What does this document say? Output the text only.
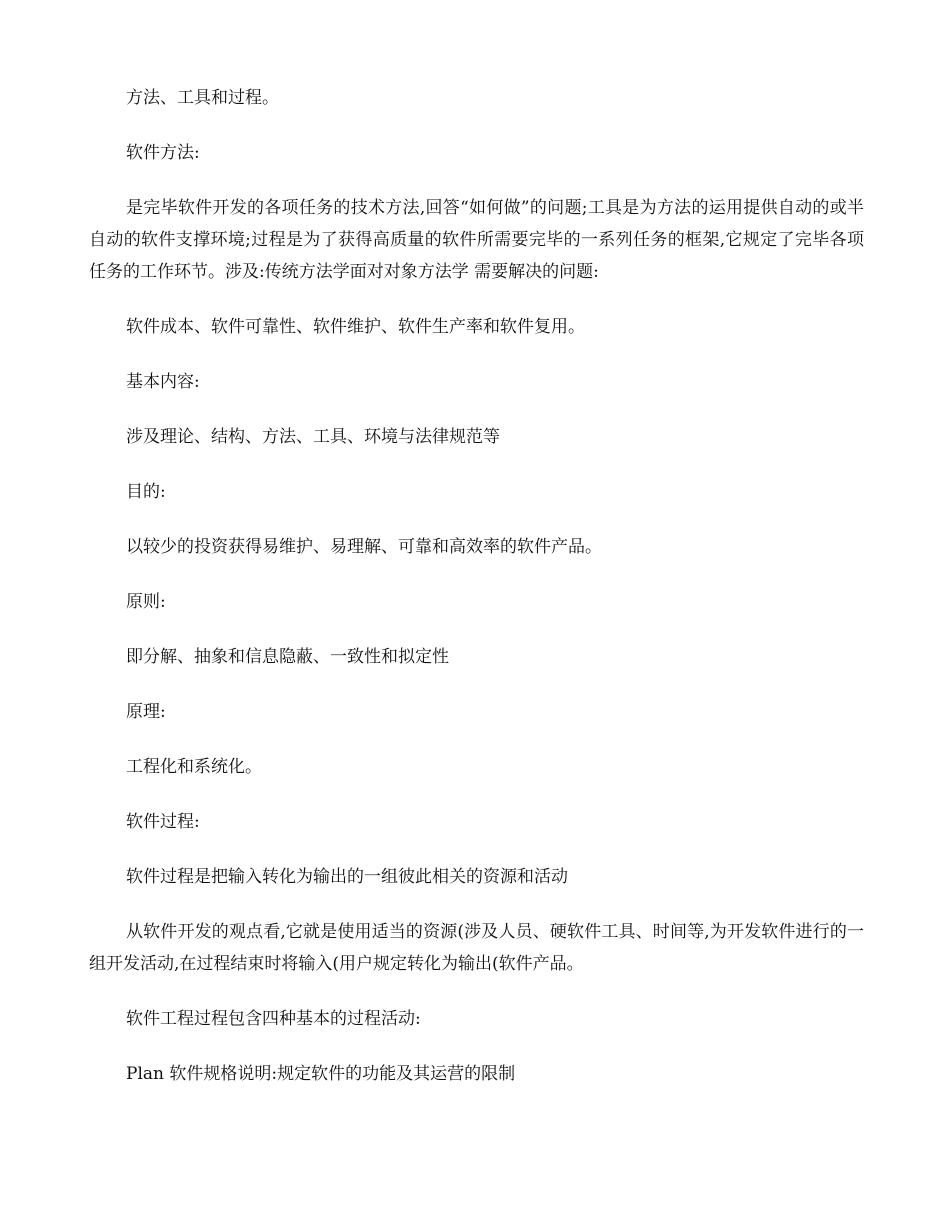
方法、工具和过程。

软件方法:

是完毕软件开发的各项任务的技术方法,回答“如何做”的问题;工具是为方法的运用提供自动的或半自动的软件支撑环境;过程是为了获得高质量的软件所需要完毕的一系列任务的框架,它规定了完毕各项任务的工作环节。涉及:传统方法学面对对象方法学 需要解决的问题:

软件成本、软件可靠性、软件维护、软件生产率和软件复用。

基本内容:

涉及理论、结构、方法、工具、环境与法律规范等

目的:

以较少的投资获得易维护、易理解、可靠和高效率的软件产品。

原则:

即分解、抽象和信息隐蔽、一致性和拟定性

原理:

工程化和系统化。

软件过程:

软件过程是把输入转化为输出的一组彼此相关的资源和活动

从软件开发的观点看,它就是使用适当的资源(涉及人员、硬软件工具、时间等,为开发软件进行的一组开发活动,在过程结束时将输入(用户规定转化为输出(软件产品。

软件工程过程包含四种基本的过程活动:

Plan 软件规格说明:规定软件的功能及其运营的限制
